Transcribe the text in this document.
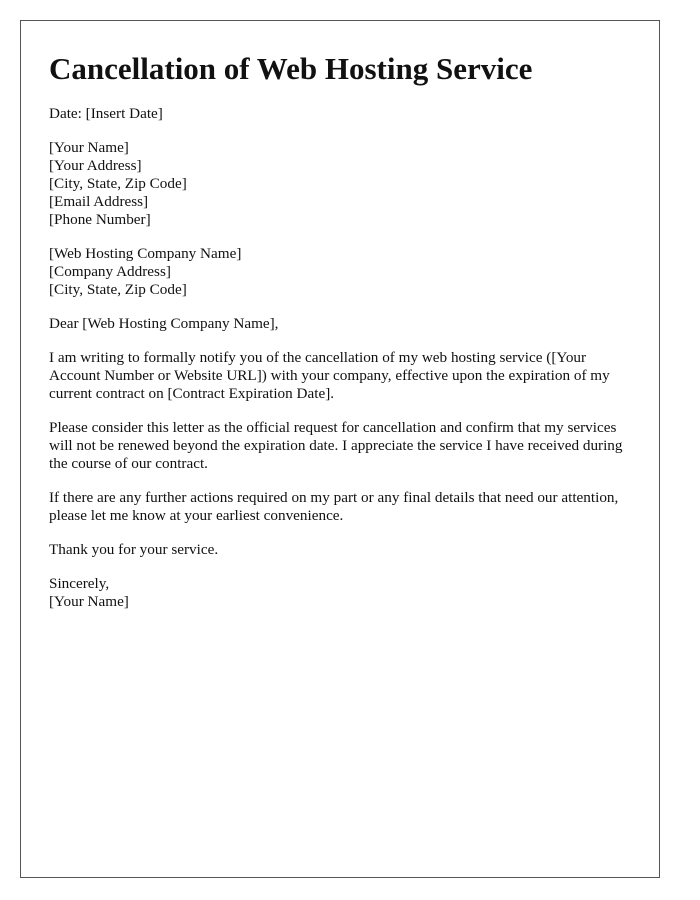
Cancellation of Web Hosting Service
Date: [Insert Date]
[Your Name]
[Your Address]
[City, State, Zip Code]
[Email Address]
[Phone Number]
[Web Hosting Company Name]
[Company Address]
[City, State, Zip Code]
Dear [Web Hosting Company Name],

I am writing to formally notify you of the cancellation of my web hosting service ([Your Account Number or Website URL]) with your company, effective upon the expiration of my current contract on [Contract Expiration Date].

Please consider this letter as the official request for cancellation and confirm that my services will not be renewed beyond the expiration date. I appreciate the service I have received during the course of our contract.

If there are any further actions required on my part or any final details that need our attention, please let me know at your earliest convenience.

Thank you for your service.

Sincerely,
[Your Name]
